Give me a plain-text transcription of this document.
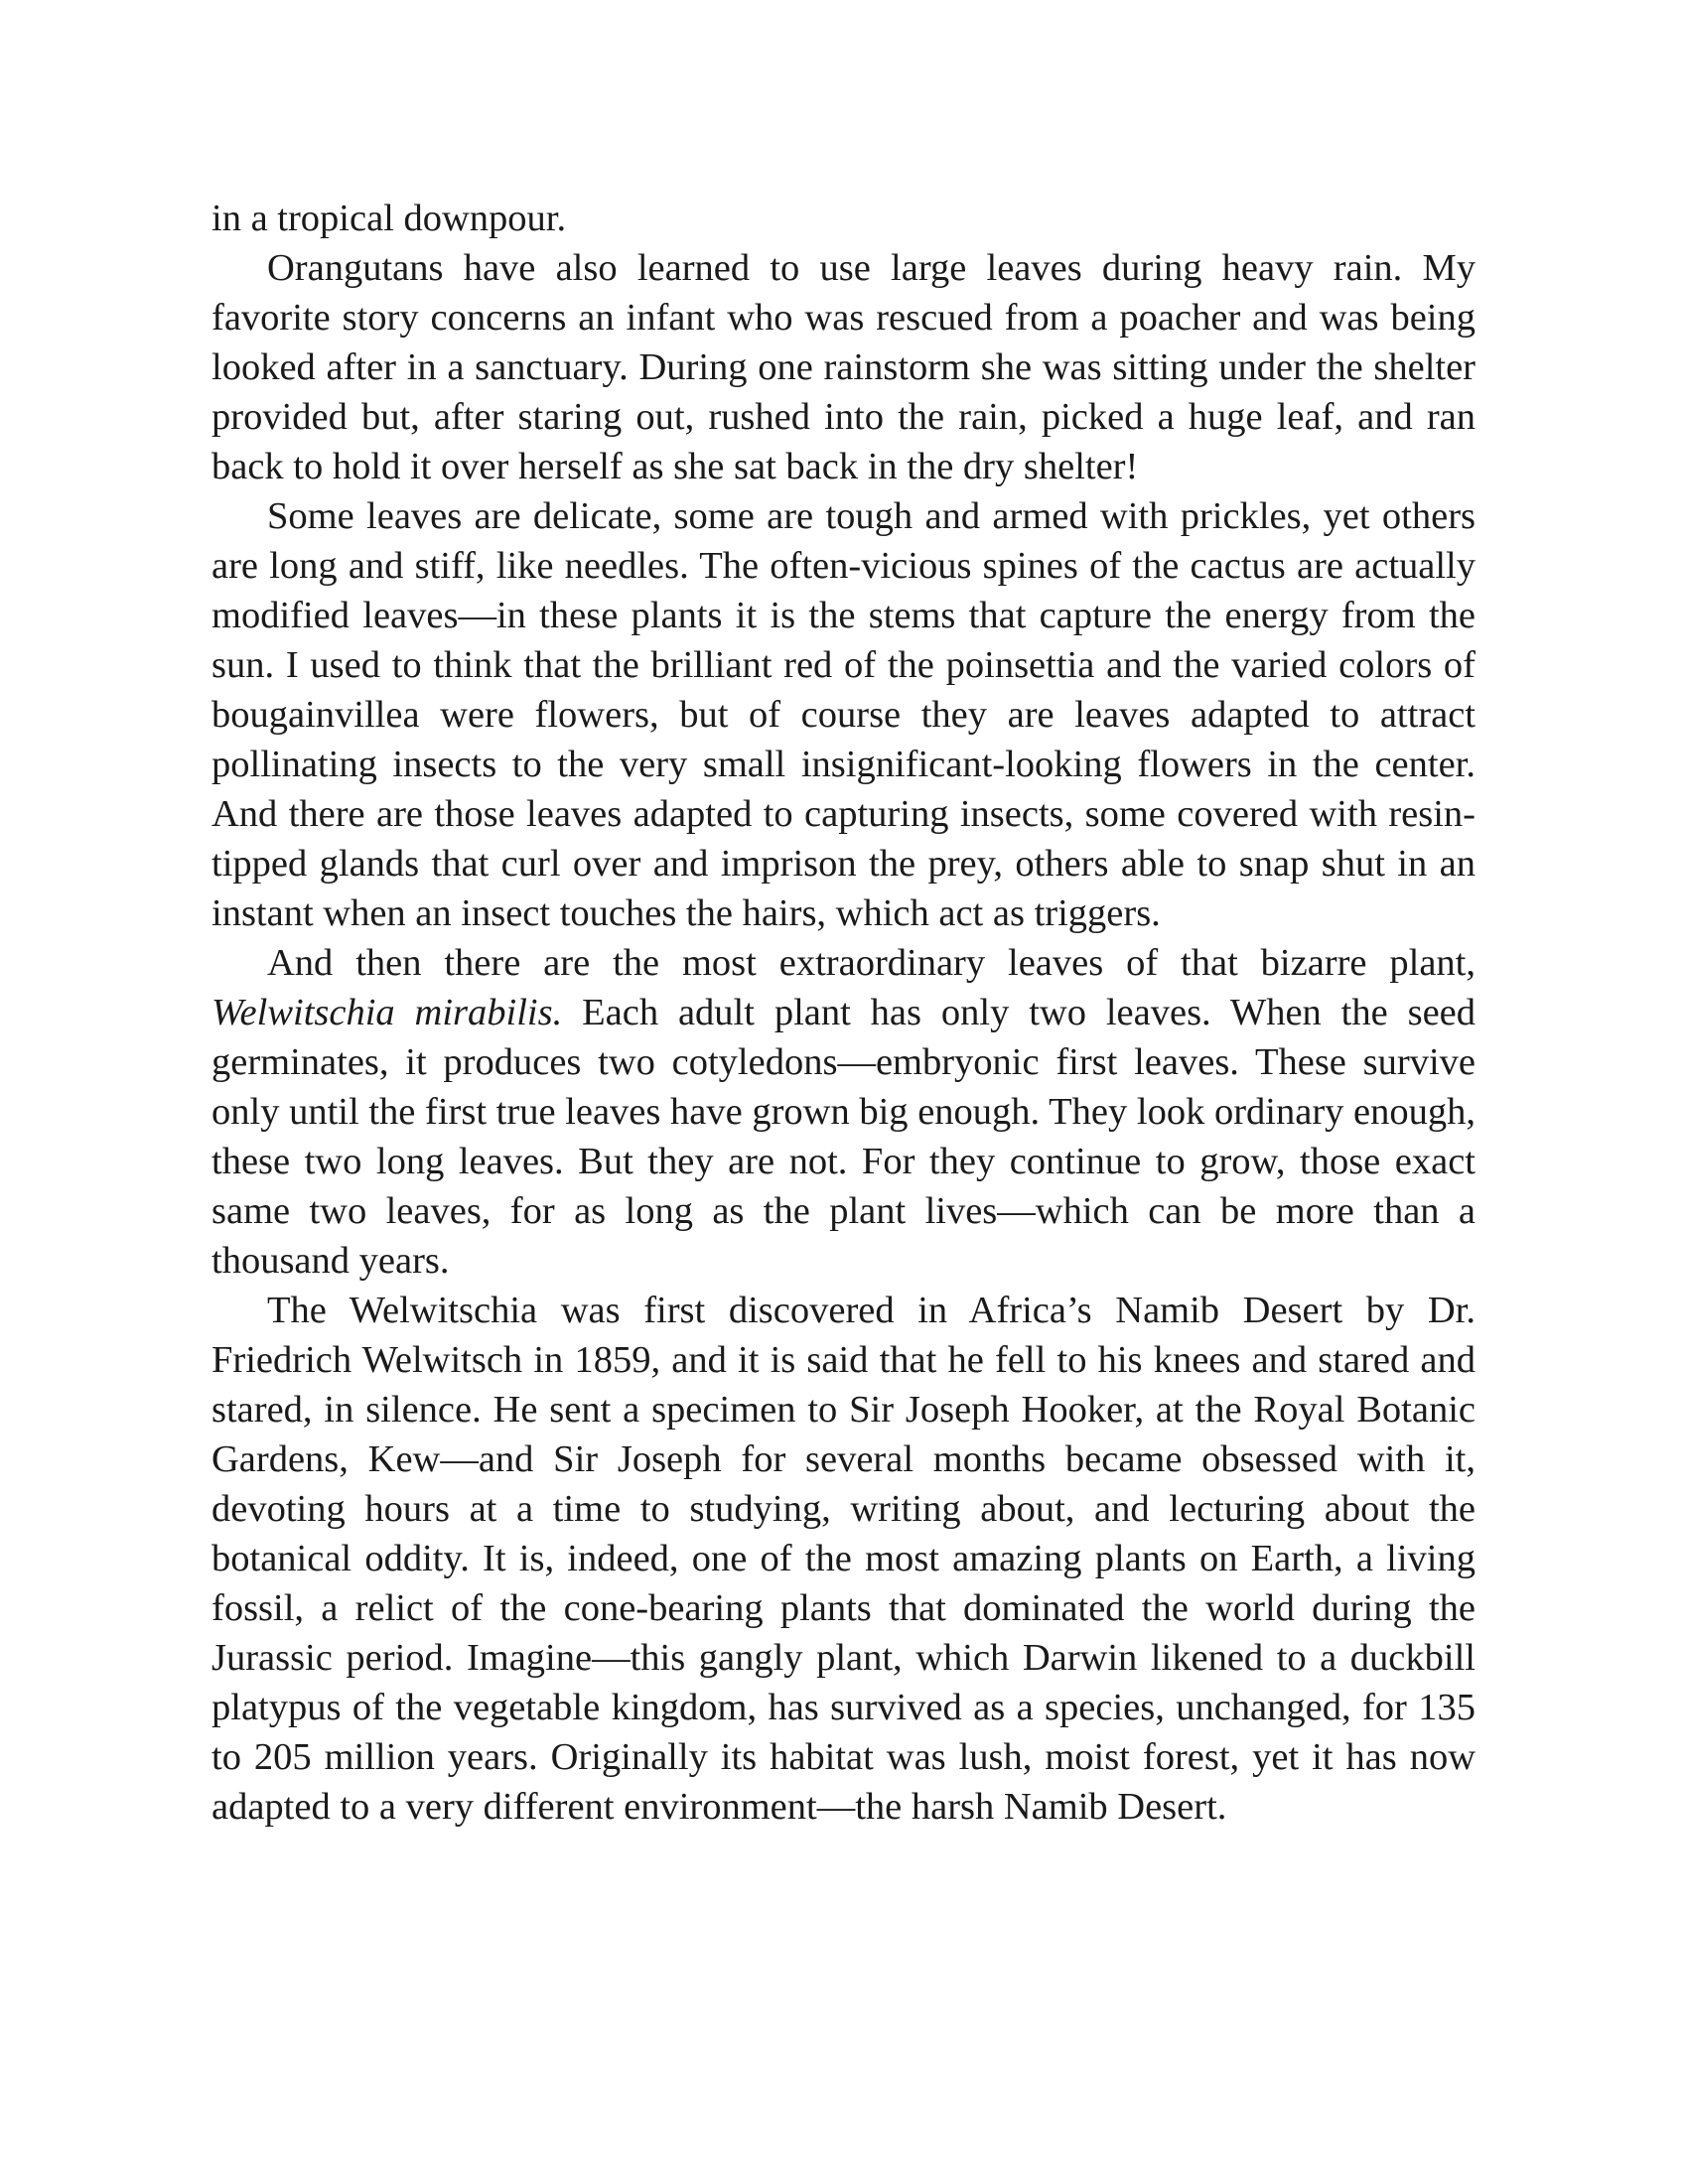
in a tropical downpour.

Orangutans have also learned to use large leaves during heavy rain. My favorite story concerns an infant who was rescued from a poacher and was being looked after in a sanctuary. During one rainstorm she was sitting under the shelter provided but, after staring out, rushed into the rain, picked a huge leaf, and ran back to hold it over herself as she sat back in the dry shelter!

Some leaves are delicate, some are tough and armed with prickles, yet others are long and stiff, like needles. The often-vicious spines of the cactus are actually modified leaves—in these plants it is the stems that capture the energy from the sun. I used to think that the brilliant red of the poinsettia and the varied colors of bougainvillea were flowers, but of course they are leaves adapted to attract pollinating insects to the very small insignificant-looking flowers in the center. And there are those leaves adapted to capturing insects, some covered with resin-tipped glands that curl over and imprison the prey, others able to snap shut in an instant when an insect touches the hairs, which act as triggers.

And then there are the most extraordinary leaves of that bizarre plant, Welwitschia mirabilis. Each adult plant has only two leaves. When the seed germinates, it produces two cotyledons—embryonic first leaves. These survive only until the first true leaves have grown big enough. They look ordinary enough, these two long leaves. But they are not. For they continue to grow, those exact same two leaves, for as long as the plant lives—which can be more than a thousand years.

The Welwitschia was first discovered in Africa’s Namib Desert by Dr. Friedrich Welwitsch in 1859, and it is said that he fell to his knees and stared and stared, in silence. He sent a specimen to Sir Joseph Hooker, at the Royal Botanic Gardens, Kew—and Sir Joseph for several months became obsessed with it, devoting hours at a time to studying, writing about, and lecturing about the botanical oddity. It is, indeed, one of the most amazing plants on Earth, a living fossil, a relict of the cone-bearing plants that dominated the world during the Jurassic period. Imagine—this gangly plant, which Darwin likened to a duckbill platypus of the vegetable kingdom, has survived as a species, unchanged, for 135 to 205 million years. Originally its habitat was lush, moist forest, yet it has now adapted to a very different environment—the harsh Namib Desert.
